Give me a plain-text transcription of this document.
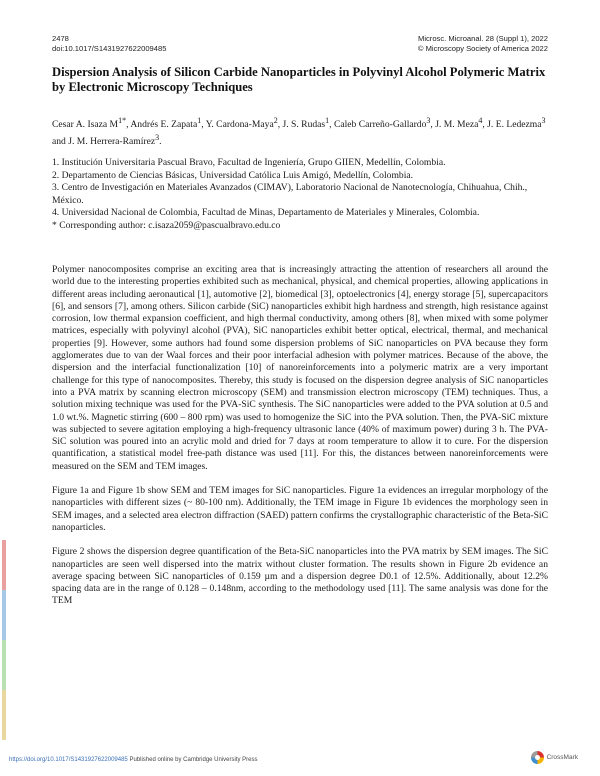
2478
doi:10.1017/S1431927622009485
Microsc. Microanal. 28 (Suppl 1), 2022
© Microscopy Society of America 2022
Dispersion Analysis of Silicon Carbide Nanoparticles in Polyvinyl Alcohol Polymeric Matrix by Electronic Microscopy Techniques
Cesar A. Isaza $M^{1*}$, Andrés E. Zapata$^1$, Y. Cardona-Maya$^2$, J. S. Rudas$^1$, Caleb Carreño-Gallardo$^3$, J. M. Meza$^4$, J. E. Ledezma$^3$ and J. M. Herrera-Ramírez$^3$.
1. Institución Universitaria Pascual Bravo, Facultad de Ingeniería, Grupo GIIEN, Medellín, Colombia.
2. Departamento de Ciencias Básicas, Universidad Católica Luis Amigó, Medellín, Colombia.
3. Centro de Investigación en Materiales Avanzados (CIMAV), Laboratorio Nacional de Nanotecnología, Chihuahua, Chih., México.
4. Universidad Nacional de Colombia, Facultad de Minas, Departamento de Materiales y Minerales, Colombia.
* Corresponding author: c.isaza2059@pascualbravo.edu.co

Polymer nanocomposites comprise an exciting area that is increasingly attracting the attention of researchers all around the world due to the interesting properties exhibited such as mechanical, physical, and chemical properties, allowing applications in different areas including aeronautical [1], automotive [2], biomedical [3], optoelectronics [4], energy storage [5], supercapacitors [6], and sensors [7], among others. Silicon carbide (SiC) nanoparticles exhibit high hardness and strength, high resistance against corrosion, low thermal expansion coefficient, and high thermal conductivity, among others [8], when mixed with some polymer matrices, especially with polyvinyl alcohol (PVA), SiC nanoparticles exhibit better optical, electrical, thermal, and mechanical properties [9]. However, some authors had found some dispersion problems of SiC nanoparticles on PVA because they form agglomerates due to van der Waal forces and their poor interfacial adhesion with polymer matrices. Because of the above, the dispersion and the interfacial functionalization [10] of nanoreinforcements into a polymeric matrix are a very important challenge for this type of nanocomposites. Thereby, this study is focused on the dispersion degree analysis of SiC nanoparticles into a PVA matrix by scanning electron microscopy (SEM) and transmission electron microscopy (TEM) techniques. Thus, a solution mixing technique was used for the PVA-SiC synthesis. The SiC nanoparticles were added to the PVA solution at 0.5 and 1.0 wt.%. Magnetic stirring (600 – 800 rpm) was used to homogenize the SiC into the PVA solution. Then, the PVA-SiC mixture was subjected to severe agitation employing a high-frequency ultrasonic lance (40% of maximum power) during 3 h. The PVA-SiC solution was poured into an acrylic mold and dried for 7 days at room temperature to allow it to cure. For the dispersion quantification, a statistical model free-path distance was used [11]. For this, the distances between nanoreinforcements were measured on the SEM and TEM images.

Figure 1a and Figure 1b show SEM and TEM images for SiC nanoparticles. Figure 1a evidences an irregular morphology of the nanoparticles with different sizes (~ 80-100 nm). Additionally, the TEM image in Figure 1b evidences the morphology seen in SEM images, and a selected area electron diffraction (SAED) pattern confirms the crystallographic characteristic of the Beta-SiC nanoparticles.

Figure 2 shows the dispersion degree quantification of the Beta-SiC nanoparticles into the PVA matrix by SEM images. The SiC nanoparticles are seen well dispersed into the matrix without cluster formation. The results shown in Figure 2b evidence an average spacing between SiC nanoparticles of 0.159 µm and a dispersion degree D0.1 of 12.5%. Additionally, about 12.2% spacing data are in the range of 0.128 – 0.148nm, according to the methodology used [11]. The same analysis was done for the TEM

https://doi.org/10.1017/S1431927622009485 Published online by Cambridge University Press	CrossMark
